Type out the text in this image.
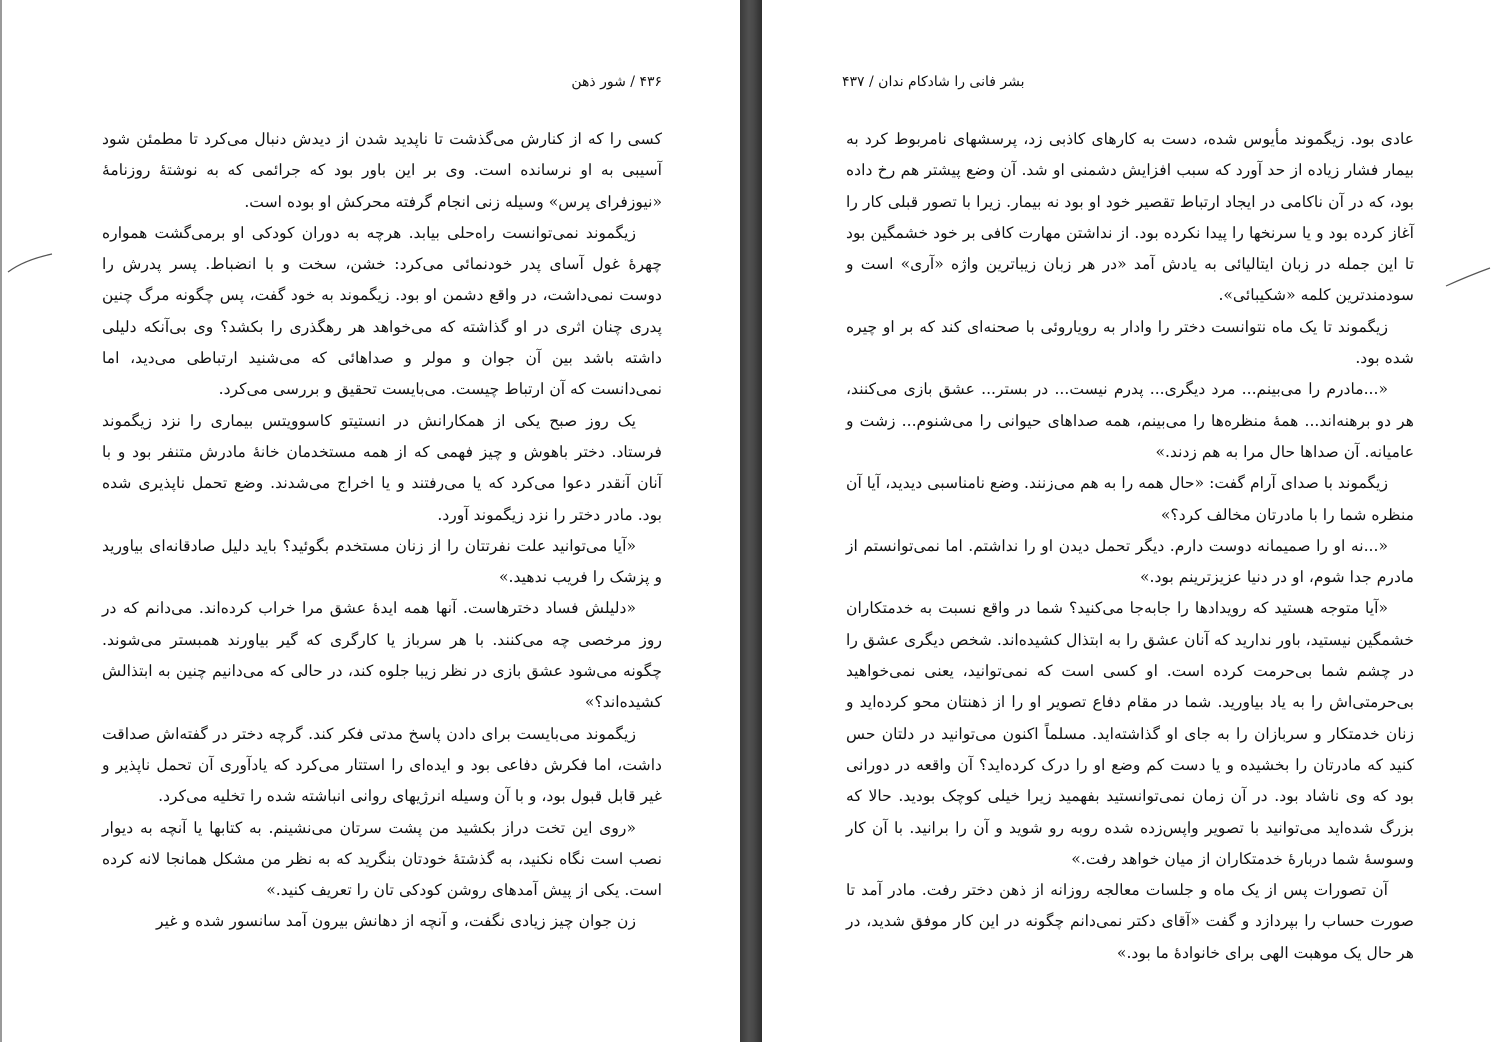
۴۳۶ / شور ذهن

کسی را که از کنارش می‌گذشت تا ناپدید شدن از دیدش دنبال می‌کرد تا مطمئن شود آسیبی به او نرسانده است. وی بر این باور بود که جرائمی که به نوشتهٔ روزنامهٔ «نیوزفرای پرس» وسیله زنی انجام گرفته محرکش او بوده است.

زیگموند نمی‌توانست راه‌حلی بیابد. هرچه به دوران کودکی او برمی‌گشت همواره چهرهٔ غول آسای پدر خودنمائی می‌کرد: خشن، سخت و با انضباط. پسر پدرش را دوست نمی‌داشت، در واقع دشمن او بود. زیگموند به خود گفت، پس چگونه مرگ چنین پدری چنان اثری در او گذاشته که می‌خواهد هر رهگذری را بکشد؟ وی بی‌آنکه دلیلی داشته باشد بین آن جوان و مولر و صداهائی که می‌شنید ارتباطی می‌دید، اما نمی‌دانست که آن ارتباط چیست. می‌بایست تحقیق و بررسی می‌کرد.

یک روز صبح یکی از همکارانش در انستیتو کاسوویتس بیماری را نزد زیگموند فرستاد. دختر باهوش و چیز فهمی که از همه مستخدمان خانهٔ مادرش متنفر بود و با آنان آنقدر دعوا می‌کرد که یا می‌رفتند و یا اخراج می‌شدند. وضع تحمل ناپذیری شده بود. مادر دختر را نزد زیگموند آورد.

«آیا می‌توانید علت نفرتتان را از زنان مستخدم بگوئید؟ باید دلیل صادقانه‌ای بیاورید و پزشک را فریب ندهید.»

«دلیلش فساد دخترهاست. آنها همه ایدهٔ عشق مرا خراب کرده‌اند. می‌دانم که در روز مرخصی چه می‌کنند. با هر سرباز یا کارگری که گیر بیاورند همبستر می‌شوند. چگونه می‌شود عشق بازی در نظر زیبا جلوه کند، در حالی که می‌دانیم چنین به ابتذالش کشیده‌اند؟»

زیگموند می‌بایست برای دادن پاسخ مدتی فکر کند. گرچه دختر در گفته‌اش صداقت داشت، اما فکرش دفاعی بود و ایده‌ای را استتار می‌کرد که یادآوری آن تحمل ناپذیر و غیر قابل قبول بود، و با آن وسیله انرژیهای روانی انباشته شده را تخلیه می‌کرد.

«روی این تخت دراز بکشید من پشت سرتان می‌نشینم. به کتابها یا آنچه به دیوار نصب است نگاه نکنید، به گذشتهٔ خودتان بنگرید که به نظر من مشکل همانجا لانه کرده است. یکی از پیش آمدهای روشن کودکی تان را تعریف کنید.»

زن جوان چیز زیادی نگفت، و آنچه از دهانش بیرون آمد سانسور شده و غیر

بشر فانی را شادکام ندان / ۴۳۷

عادی بود. زیگموند مأیوس شده، دست به کارهای کاذبی زد، پرسشهای نامربوط کرد به بیمار فشار زیاده از حد آورد که سبب افزایش دشمنی او شد. آن وضع پیشتر هم رخ داده بود، که در آن ناکامی در ایجاد ارتباط تقصیر خود او بود نه بیمار. زیرا با تصور قبلی کار را آغاز کرده بود و یا سرنخها را پیدا نکرده بود. از نداشتن مهارت کافی بر خود خشمگین بود تا این جمله در زبان ایتالیائی به یادش آمد «در هر زبان زیباترین واژه «آری» است و سودمندترین کلمه «شکیبائی».

زیگموند تا یک ماه نتوانست دختر را وادار به رویاروئی با صحنه‌ای کند که بر او چیره شده بود.

«...مادرم را می‌بینم... مرد دیگری... پدرم نیست... در بستر... عشق بازی می‌کنند، هر دو برهنه‌اند... همهٔ منظره‌ها را می‌بینم، همه صداهای حیوانی را می‌شنوم... زشت و عامیانه. آن صداها حال مرا به هم زدند.»

زیگموند با صدای آرام گفت: «حال همه را به هم می‌زنند. وضع نامناسبی دیدید، آیا آن منظره شما را با مادرتان مخالف کرد؟»

«...نه او را صمیمانه دوست دارم. دیگر تحمل دیدن او را نداشتم. اما نمی‌توانستم از مادرم جدا شوم، او در دنیا عزیزترینم بود.»

«آیا متوجه هستید که رویدادها را جابه‌جا می‌کنید؟ شما در واقع نسبت به خدمتکاران خشمگین نیستید، باور ندارید که آنان عشق را به ابتذال کشیده‌اند. شخص دیگری عشق را در چشم شما بی‌حرمت کرده است. او کسی است که نمی‌توانید، یعنی نمی‌خواهید بی‌حرمتی‌اش را به یاد بیاورید. شما در مقام دفاع تصویر او را از ذهنتان محو کرده‌اید و زنان خدمتکار و سربازان را به جای او گذاشته‌اید. مسلماً اکنون می‌توانید در دلتان حس کنید که مادرتان را بخشیده و یا دست کم وضع او را درک کرده‌اید؟ آن واقعه در دورانی بود که وی ناشاد بود. در آن زمان نمی‌توانستید بفهمید زیرا خیلی کوچک بودید. حالا که بزرگ شده‌اید می‌توانید با تصویر واپس‌زده شده روبه رو شوید و آن را برانید. با آن کار وسوسهٔ شما دربارهٔ خدمتکاران از میان خواهد رفت.»

آن تصورات پس از یک ماه و جلسات معالجه روزانه از ذهن دختر رفت. مادر آمد تا صورت حساب را بپردازد و گفت «آقای دکتر نمی‌دانم چگونه در این کار موفق شدید، در هر حال یک موهبت الهی برای خانوادهٔ ما بود.»
